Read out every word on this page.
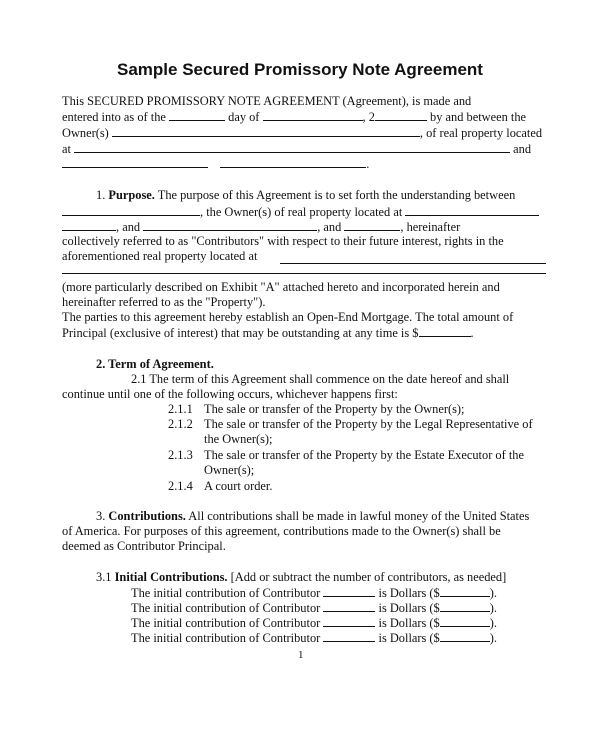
Sample Secured Promissory Note Agreement
This SECURED PROMISSORY NOTE AGREEMENT (Agreement), is made and
entered into as of the	day of	, 2	by and between the
Owner(s)	, of real property located
at	and
.
1. Purpose. The purpose of this Agreement is to set forth the understanding between
, the Owner(s) of real property located at
, and	, and	, hereinafter
collectively referred to as "Contributors" with respect to their future interest, rights in the
aforementioned real property located at
(more particularly described on Exhibit "A" attached hereto and incorporated herein and
hereinafter referred to as the "Property").
The parties to this agreement hereby establish an Open-End Mortgage. The total amount of
Principal (exclusive of interest) that may be outstanding at any time is $	.
2. Term of Agreement.
2.1 The term of this Agreement shall commence on the date hereof and shall
continue until one of the following occurs, whichever happens first:
2.1.1 The sale or transfer of the Property by the Owner(s);
2.1.2 The sale or transfer of the Property by the Legal Representative of
the Owner(s);
2.1.3 The sale or transfer of the Property by the Estate Executor of the
Owner(s);
2.1.4 A court order.
3. Contributions. All contributions shall be made in lawful money of the United States
of America. For purposes of this agreement, contributions made to the Owner(s) shall be
deemed as Contributor Principal.
3.1 Initial Contributions. [Add or subtract the number of contributors, as needed]
The initial contribution of Contributor	is Dollars ($	).
The initial contribution of Contributor	is Dollars ($	).
The initial contribution of Contributor	is Dollars ($	).
The initial contribution of Contributor	is Dollars ($	).
1
